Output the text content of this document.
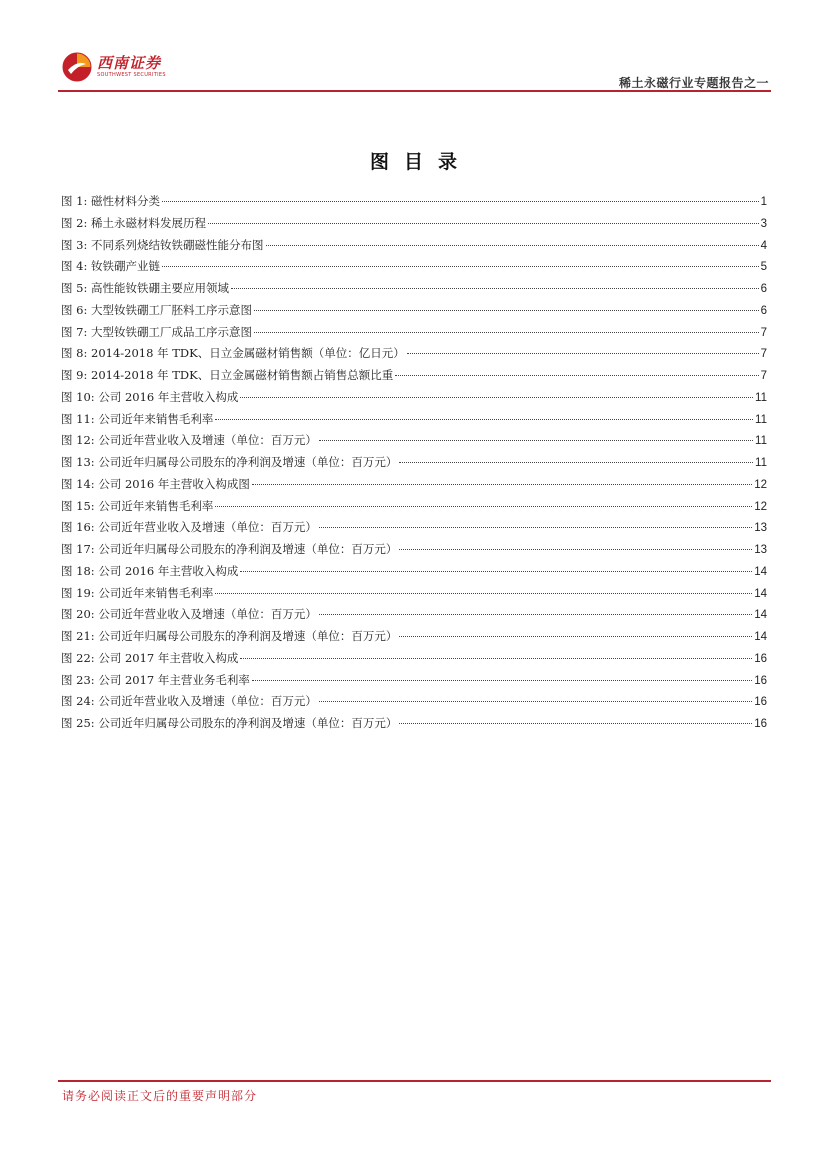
西南证券
SOUTHWEST SECURITIES
稀土永磁行业专题报告之一
图目录
图 1: 磁性材料分类	1
图 2: 稀土永磁材料发展历程	3
图 3: 不同系列烧结钕铁硼磁性能分布图	4
图 4: 钕铁硼产业链	5
图 5: 高性能钕铁硼主要应用领域	6
图 6: 大型钕铁硼工厂胚料工序示意图	6
图 7: 大型钕铁硼工厂成品工序示意图	7
图 8: 2014-2018 年 TDK、日立金属磁材销售额（单位：亿日元）	7
图 9: 2014-2018 年 TDK、日立金属磁材销售额占销售总额比重	7
图 10: 公司 2016 年主营收入构成	11
图 11: 公司近年来销售毛利率	11
图 12: 公司近年营业收入及增速（单位：百万元）	11
图 13: 公司近年归属母公司股东的净利润及增速（单位：百万元）	11
图 14: 公司 2016 年主营收入构成图	12
图 15: 公司近年来销售毛利率	12
图 16: 公司近年营业收入及增速（单位：百万元）	13
图 17: 公司近年归属母公司股东的净利润及增速（单位：百万元）	13
图 18: 公司 2016 年主营收入构成	14
图 19: 公司近年来销售毛利率	14
图 20: 公司近年营业收入及增速（单位：百万元）	14
图 21: 公司近年归属母公司股东的净利润及增速（单位：百万元）	14
图 22: 公司 2017 年主营收入构成	16
图 23: 公司 2017 年主营业务毛利率	16
图 24: 公司近年营业收入及增速（单位：百万元）	16
图 25: 公司近年归属母公司股东的净利润及增速（单位：百万元）	16
请务必阅读正文后的重要声明部分
